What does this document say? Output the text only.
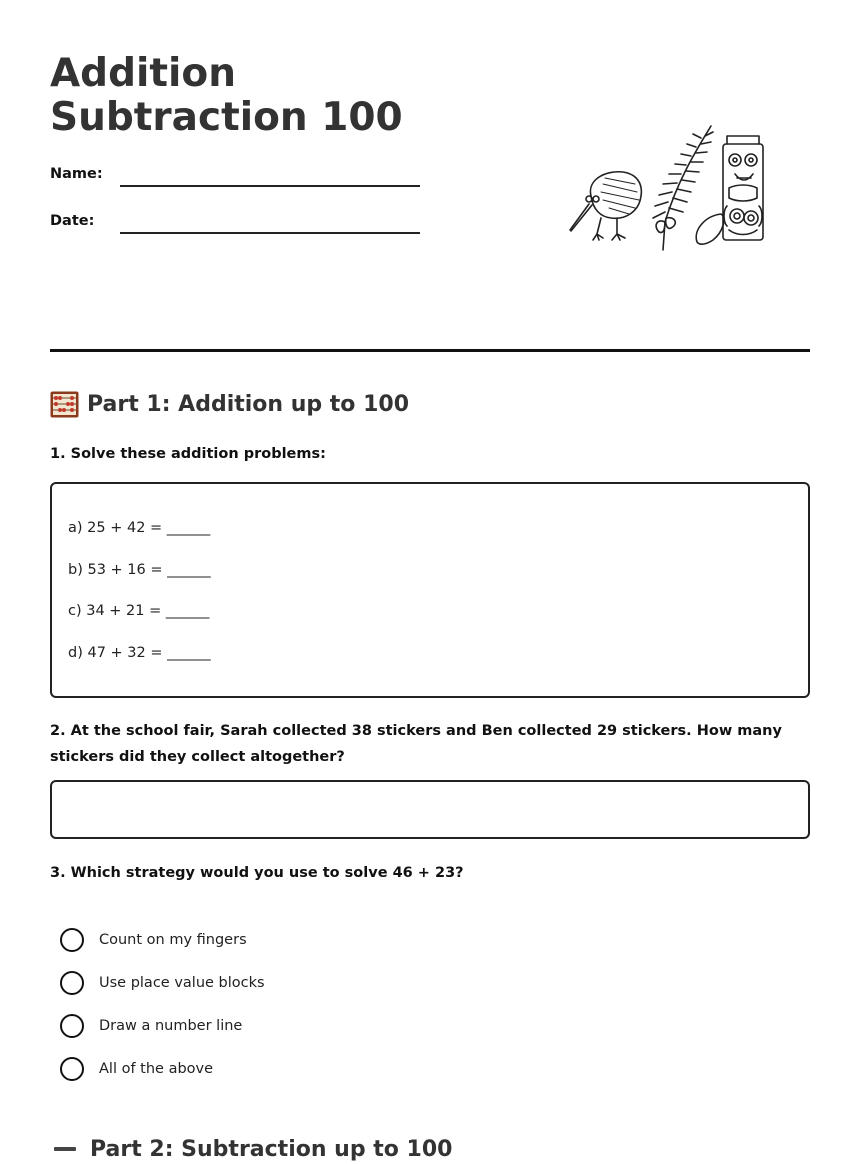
Addition Subtraction 100
Name:
Date:
Part 1: Addition up to 100
1. Solve these addition problems:
a) 25 + 42 = ______
b) 53 + 16 = ______
c) 34 + 21 = ______
d) 47 + 32 = ______
2. At the school fair, Sarah collected 38 stickers and Ben collected 29 stickers. How many stickers did they collect altogether?
3. Which strategy would you use to solve 46 + 23?
Count on my fingers
Use place value blocks
Draw a number line
All of the above
Part 2: Subtraction up to 100
